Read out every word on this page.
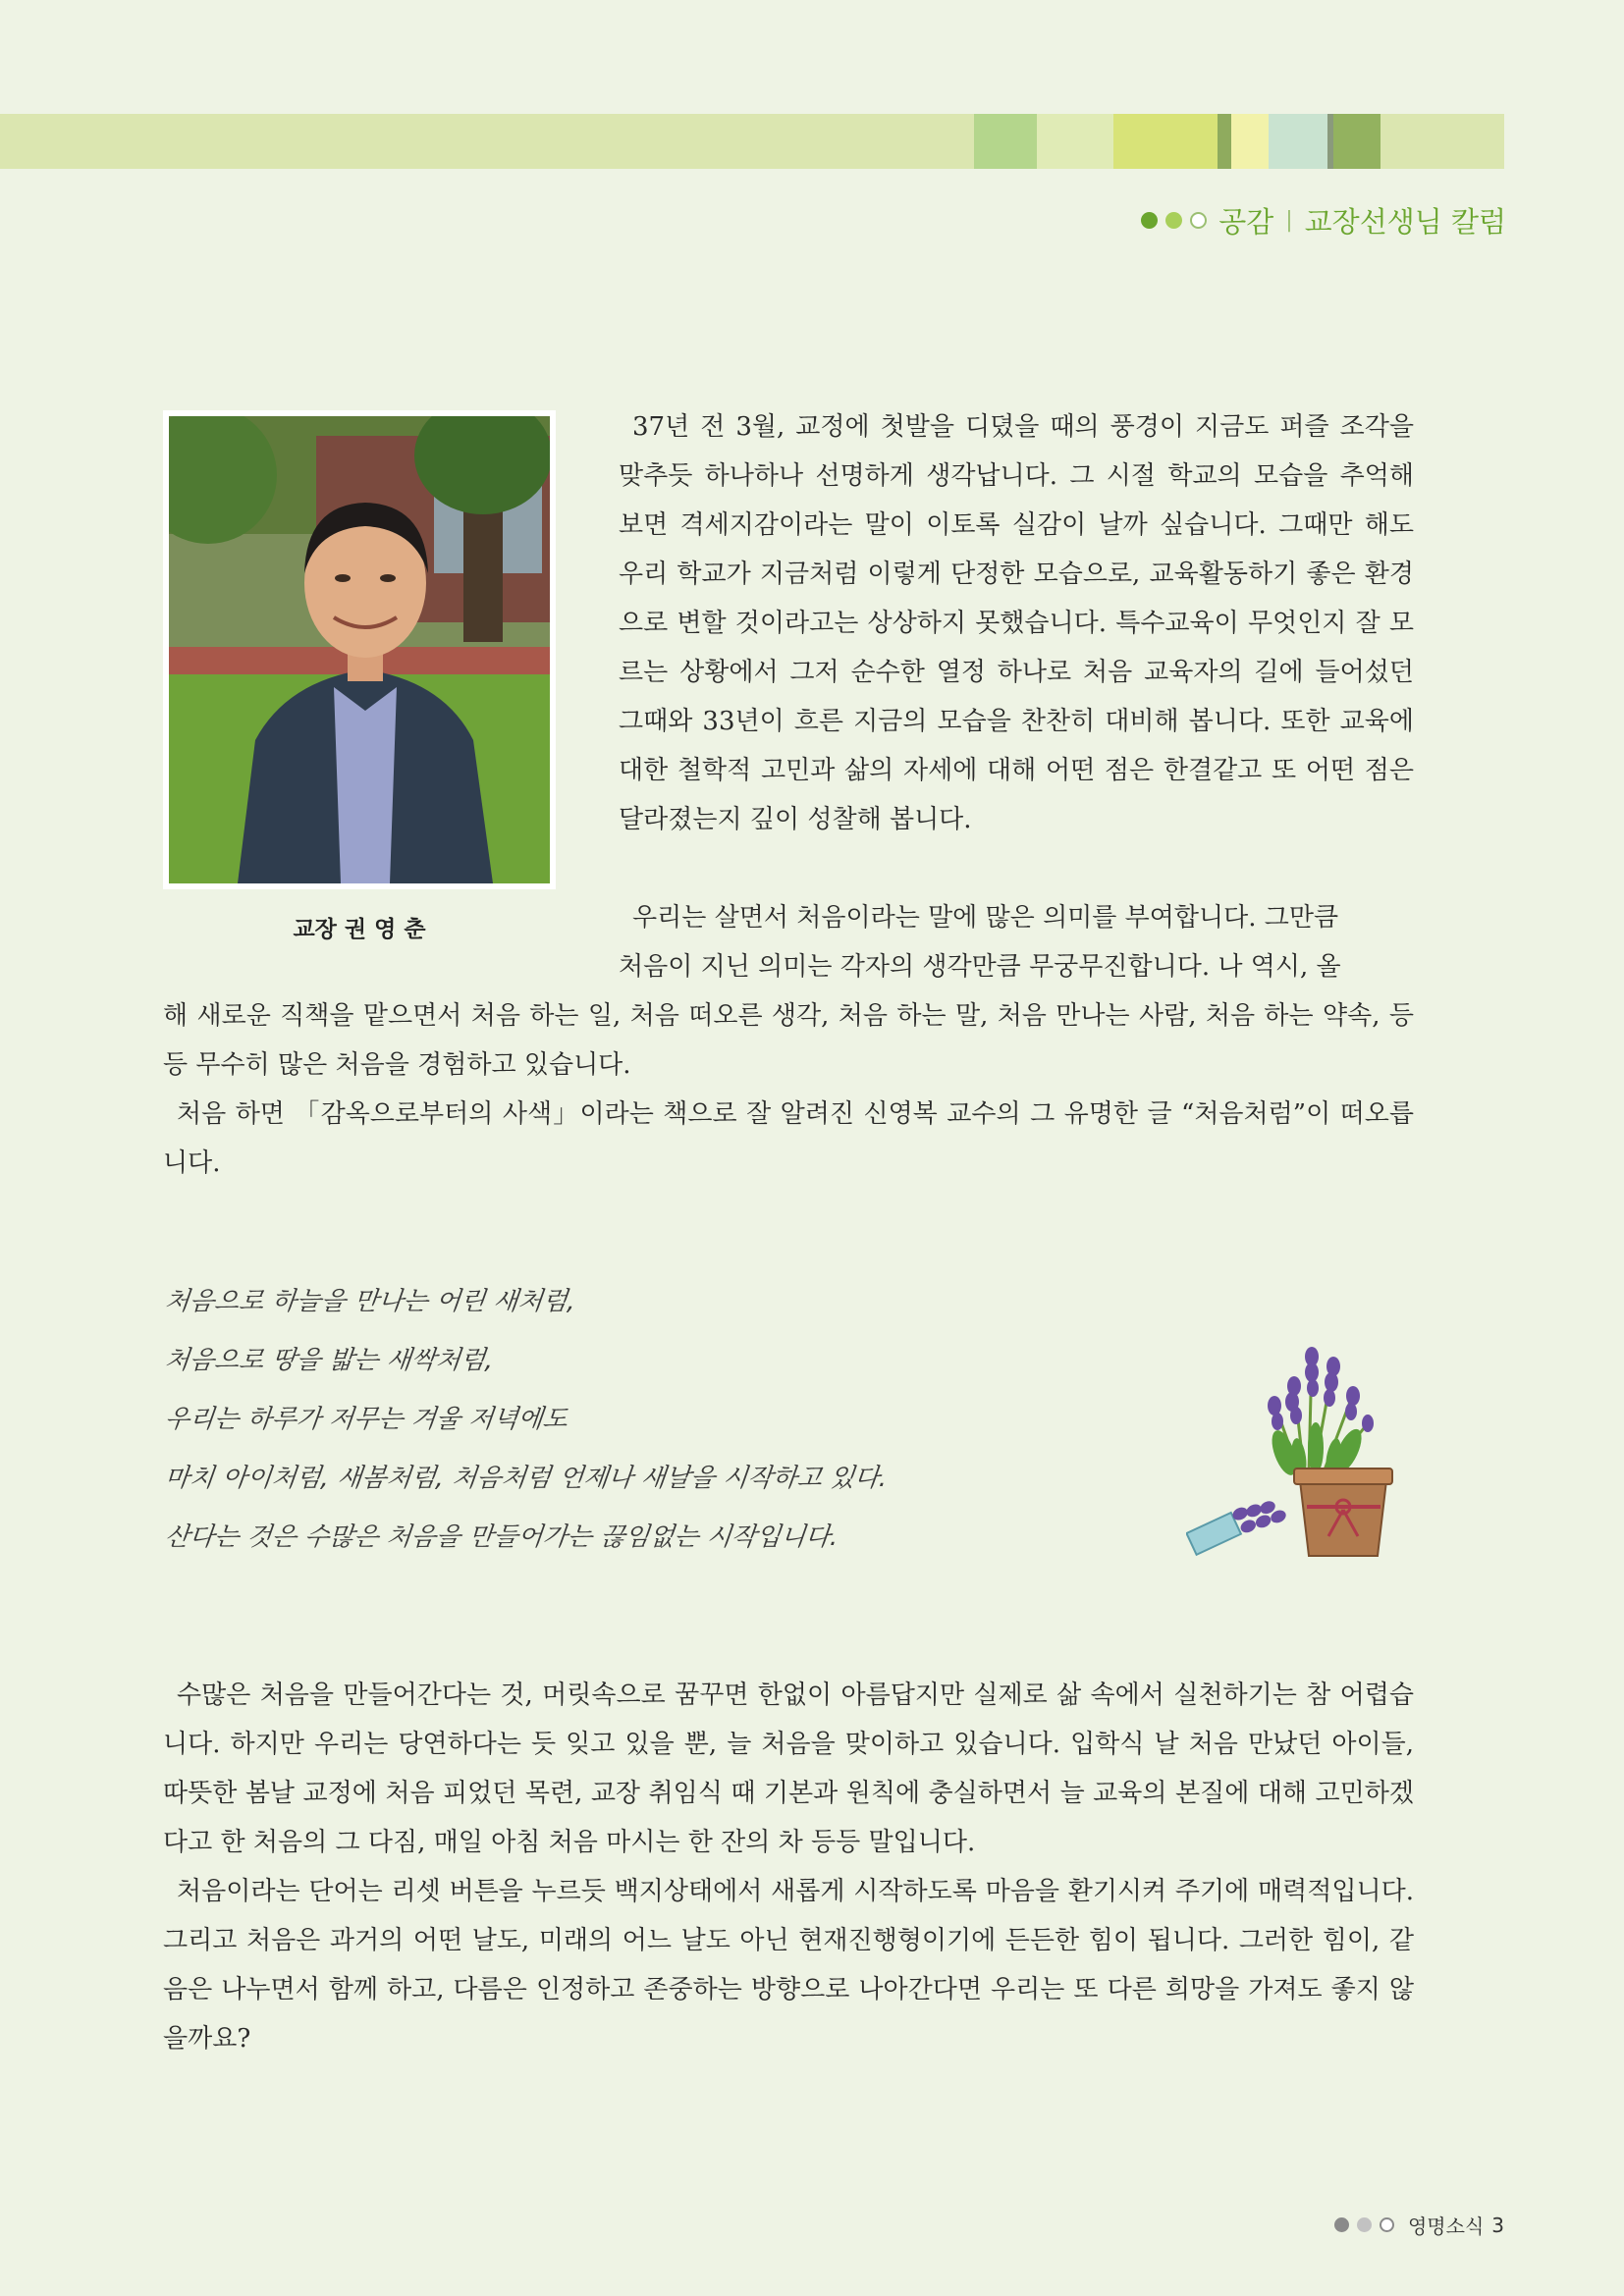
공감 | 교장선생님 칼럼
교장 권 영 춘

37년 전 3월, 교정에 첫발을 디뎠을 때의 풍경이 지금도 퍼즐 조각을 맞추듯 하나하나 선명하게 생각납니다. 그 시절 학교의 모습을 추억해 보면 격세지감이라는 말이 이토록 실감이 날까 싶습니다. 그때만 해도 우리 학교가 지금처럼 이렇게 단정한 모습으로, 교육활동하기 좋은 환경으로 변할 것이라고는 상상하지 못했습니다. 특수교육이 무엇인지 잘 모르는 상황에서 그저 순수한 열정 하나로 처음 교육자의 길에 들어섰던 그때와 33년이 흐른 지금의 모습을 찬찬히 대비해 봅니다. 또한 교육에 대한 철학적 고민과 삶의 자세에 대해 어떤 점은 한결같고 또 어떤 점은 달라졌는지 깊이 성찰해 봅니다.

우리는 살면서 처음이라는 말에 많은 의미를 부여합니다. 그만큼
처음이 지닌 의미는 각자의 생각만큼 무궁무진합니다. 나 역시, 올

해 새로운 직책을 맡으면서 처음 하는 일, 처음 떠오른 생각, 처음 하는 말, 처음 만나는 사람, 처음 하는 약속, 등등 무수히 많은 처음을 경험하고 있습니다.

처음 하면 「감옥으로부터의 사색」이라는 책으로 잘 알려진 신영복 교수의 그 유명한 글 “처음처럼”이 떠오릅니다.

처음으로 하늘을 만나는 어린 새처럼,
처음으로 땅을 밟는 새싹처럼,
우리는 하루가 저무는 겨울 저녁에도
마치 아이처럼, 새봄처럼, 처음처럼 언제나 새날을 시작하고 있다.
산다는 것은 수많은 처음을 만들어가는 끊임없는 시작입니다.

수많은 처음을 만들어간다는 것, 머릿속으로 꿈꾸면 한없이 아름답지만 실제로 삶 속에서 실천하기는 참 어렵습니다. 하지만 우리는 당연하다는 듯 잊고 있을 뿐, 늘 처음을 맞이하고 있습니다. 입학식 날 처음 만났던 아이들, 따뜻한 봄날 교정에 처음 피었던 목련, 교장 취임식 때 기본과 원칙에 충실하면서 늘 교육의 본질에 대해 고민하겠다고 한 처음의 그 다짐, 매일 아침 처음 마시는 한 잔의 차 등등 말입니다.

처음이라는 단어는 리셋 버튼을 누르듯 백지상태에서 새롭게 시작하도록 마음을 환기시켜 주기에 매력적입니다. 그리고 처음은 과거의 어떤 날도, 미래의 어느 날도 아닌 현재진행형이기에 든든한 힘이 됩니다. 그러한 힘이, 같음은 나누면서 함께 하고, 다름은 인정하고 존중하는 방향으로 나아간다면 우리는 또 다른 희망을 가져도 좋지 않을까요?

영명소식 3
